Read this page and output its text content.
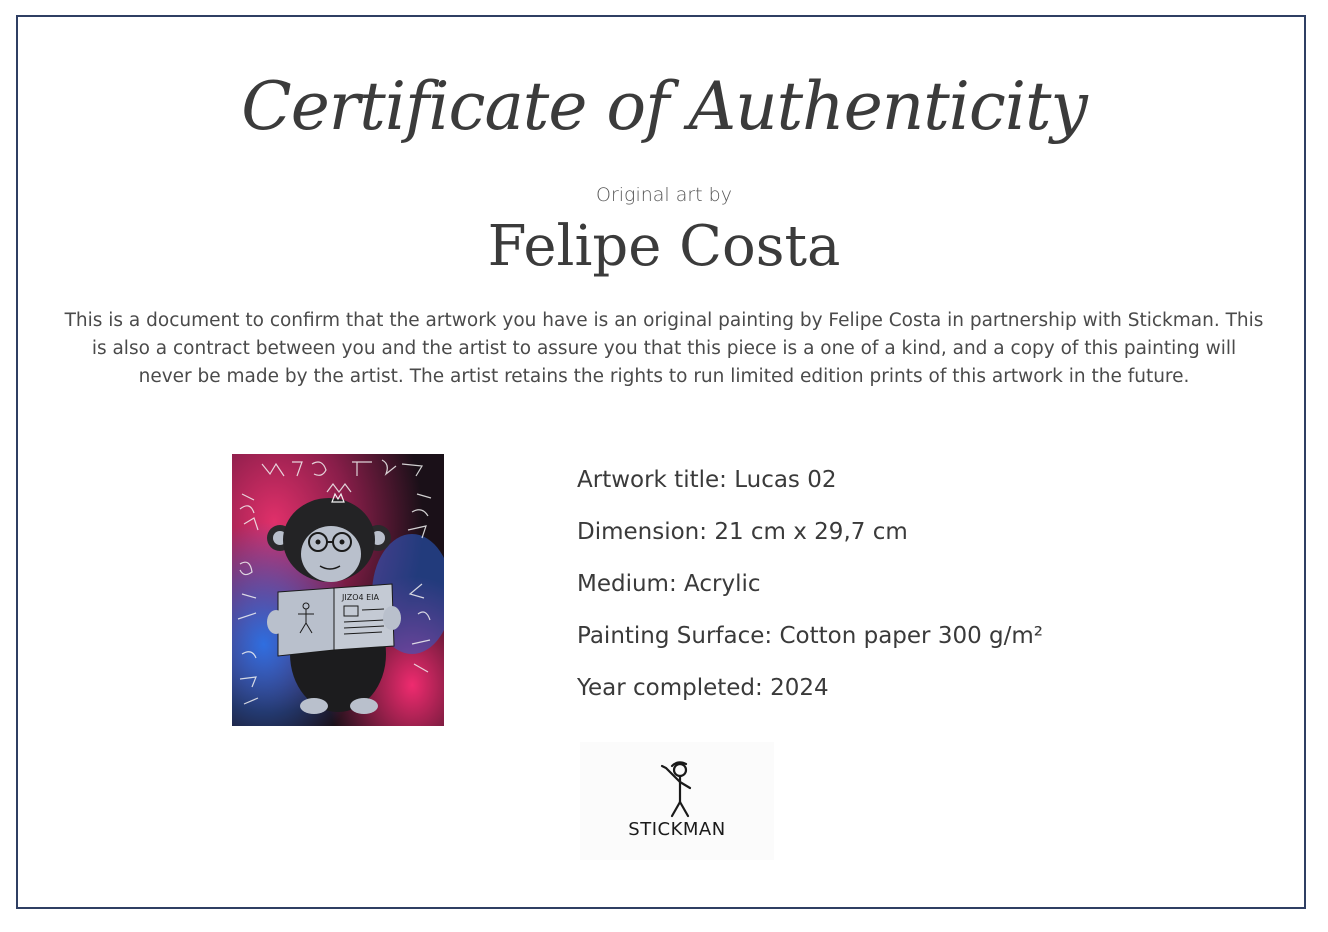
Certificate of Authenticity
Original art by
Felipe Costa
This is a document to confirm that the artwork you have is an original painting by Felipe Costa in partnership with Stickman. This is also a contract between you and the artist to assure you that this piece is a one of a kind, and a copy of this painting will never be made by the artist. The artist retains the rights to run limited edition prints of this artwork in the future.
JIZO4 EIA
Artwork title: Lucas 02
Dimension: 21 cm x 29,7 cm
Medium: Acrylic
Painting Surface: Cotton paper 300 g/m²
Year completed: 2024
STICKMAN
